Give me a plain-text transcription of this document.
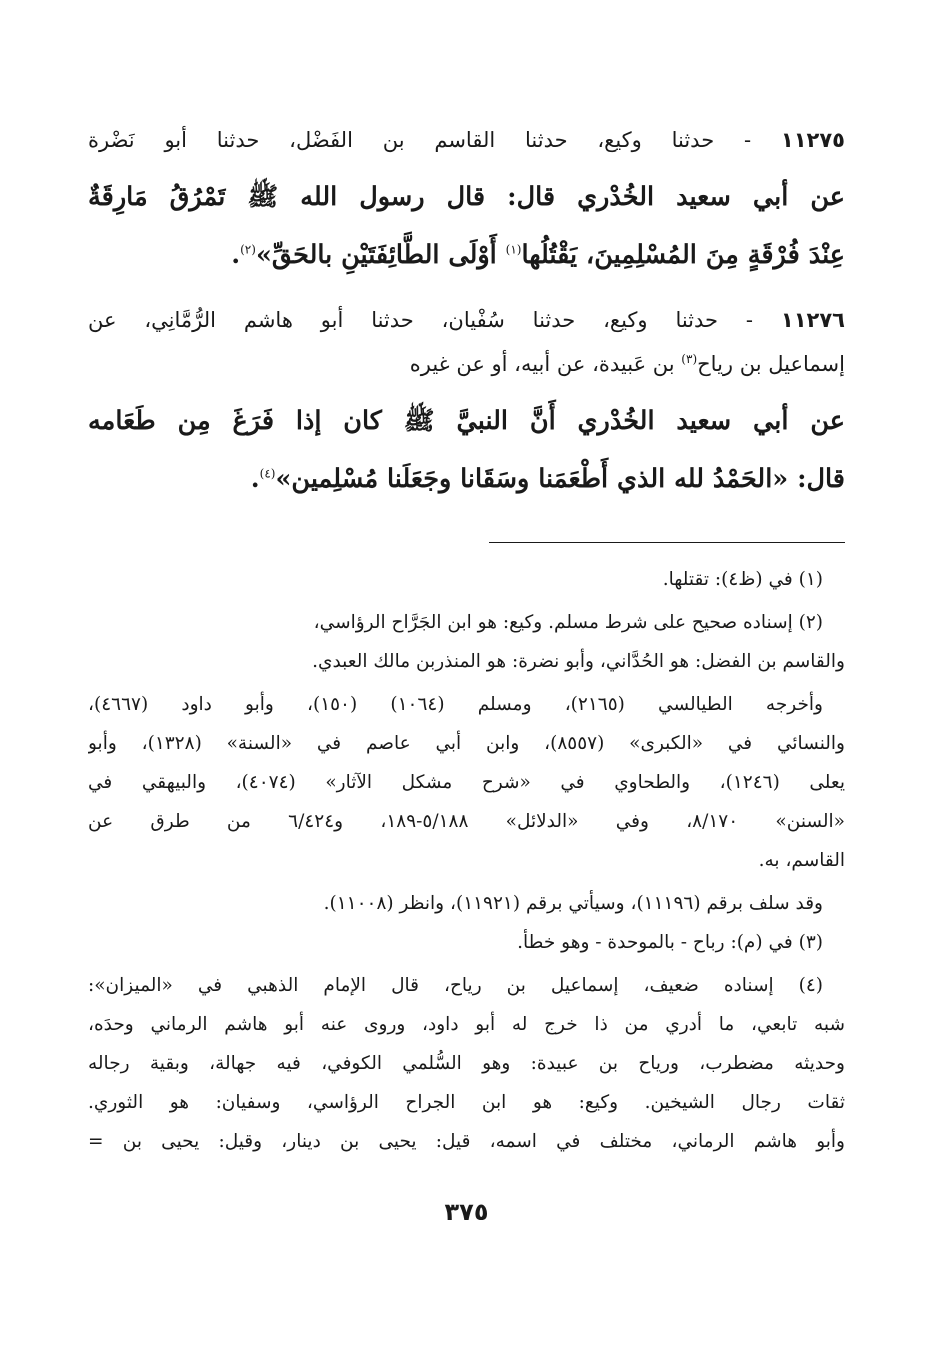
١١٢٧٥ - حدثنا وكيع، حدثنا القاسم بن الفَضْل، حدثنا أبو نَضْرة
عن أبي سعيد الخُدْري قال: قال رسول الله ﷺ تَمْرُقُ مَارِقَةٌ
عِنْدَ فُرْقَةٍ مِنَ المُسْلِمِينَ، يَقْتُلُها$^{(١)}$ أَوْلَى الطَّائِفَتَيْنِ بالحَقِّ»$^{(٢)}$.
١١٢٧٦ - حدثنا وكيع، حدثنا سُفْيان، حدثنا أبو هاشم الرُّمَّانِي، عن
إسماعيل بن رياح$^{(٣)}$ بن عَبيدة، عن أبيه، أو عن غيره
عن أبي سعيد الخُدْري أَنَّ النبيَّ ﷺ كان إذا فَرَغَ مِن طَعَامه
قال: «الحَمْدُ لله الذي أَطْعَمَنا وسَقَانا وجَعَلَنا مُسْلِمين»$^{(٤)}$.
(١) في (ظ٤): تقتلها.
(٢) إسناده صحيح على شرط مسلم. وكيع: هو ابن الجَرَّاح الرؤاسي،
والقاسم بن الفضل: هو الحُدَّاني، وأبو نضرة: هو المنذربن مالك العبدي.
وأخرجه الطيالسي (٢١٦٥)، ومسلم (١٠٦٤) (١٥٠)، وأبو داود (٤٦٦٧)،
والنسائي في «الكبرى» (٨٥٥٧)، وابن أبي عاصم في «السنة» (١٣٢٨)، وأبو
يعلى (١٢٤٦)، والطحاوي في «شرح مشكل الآثار» (٤٠٧٤)، والبيهقي في
«السنن» ٨/١٧٠، وفي «الدلائل» ٥/١٨٨-١٨٩، و٦/٤٢٤ من طرق عن
القاسم، به.
وقد سلف برقم (١١١٩٦)، وسيأتي برقم (١١٩٢١)، وانظر (١١٠٠٨).
(٣) في (م): رباح - بالموحدة - وهو خطأ.
(٤) إسناده ضعيف، إسماعيل بن رياح، قال الإمام الذهبي في «الميزان»:
شبه تابعي، ما أدري من ذا خرج له أبو داود، وروى عنه أبو هاشم الرماني وحدَه،
وحديثه مضطرب، ورياح بن عبيدة: وهو السُّلمي الكوفي، فيه جهالة، وبقية رجاله
ثقات رجال الشيخين. وكيع: هو ابن الجراح الرؤاسي، وسفيان: هو الثوري.
وأبو هاشم الرماني، مختلف في اسمه، قيل: يحيى بن دينار، وقيل: يحيى بن =
٣٧٥
